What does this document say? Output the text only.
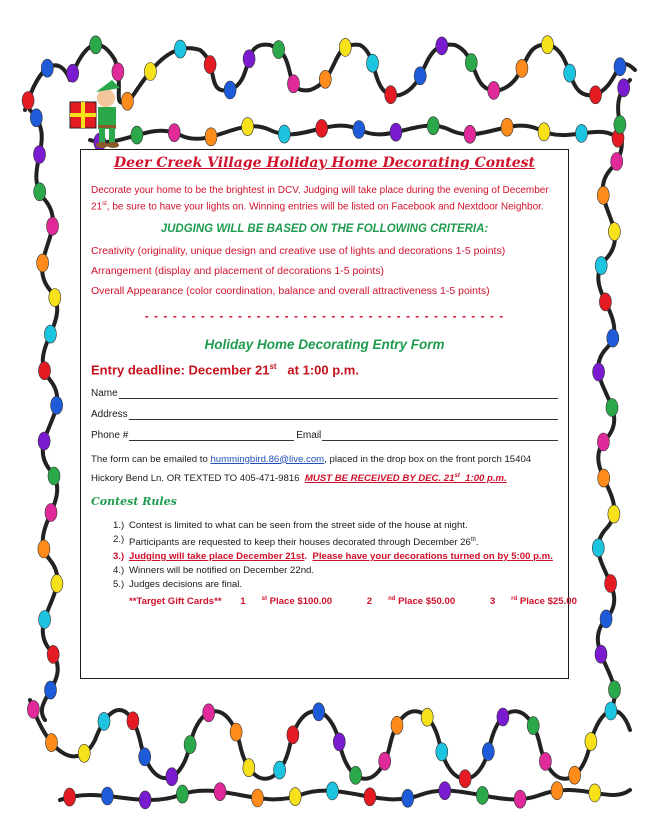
Deer Creek Village Holiday Home Decorating Contest
Decorate your home to be the brightest in DCV. Judging will take place during the evening of December 21st, be sure to have your lights on. Winning entries will be listed on Facebook and Nextdoor Neighbor.
JUDGING WILL BE BASED ON THE FOLLOWING CRITERIA:
Creativity (originality, unique design and creative use of lights and decorations 1-5 points)
Arrangement (display and placement of decorations 1-5 points)
Overall Appearance (color coordination, balance and overall attractiveness 1-5 points)
- - - - - - - - - - - - - - - - - - - - - - - - - - - - - - - - - - - - - - -
Holiday Home Decorating Entry Form
Entry deadline: December 21st   at 1:00 p.m.
Name
Address
Phone #	Email
The form can be emailed to hummingbird.86@live.com, placed in the drop box on the front porch 15404 Hickory Bend Ln. OR TEXTED TO 405-471-9816  MUST BE RECEIVED BY DEC. 21st  1:00 p.m.
Contest Rules
1.) Contest is limited to what can be seen from the street side of the house at night.
2.) Participants are requested to keep their houses decorated through December 26th.
3.) Judging will take place December 21st.  Please have your decorations turned on by 5:00 p.m.
4.) Winners will be notified on December 22nd.
5.) Judges decisions are final.
**Target Gift Cards** 1	$^{st}$ Place $100.00	2	$^{nd}$ Place $50.00	3	$^{rd}$ Place $25.00
